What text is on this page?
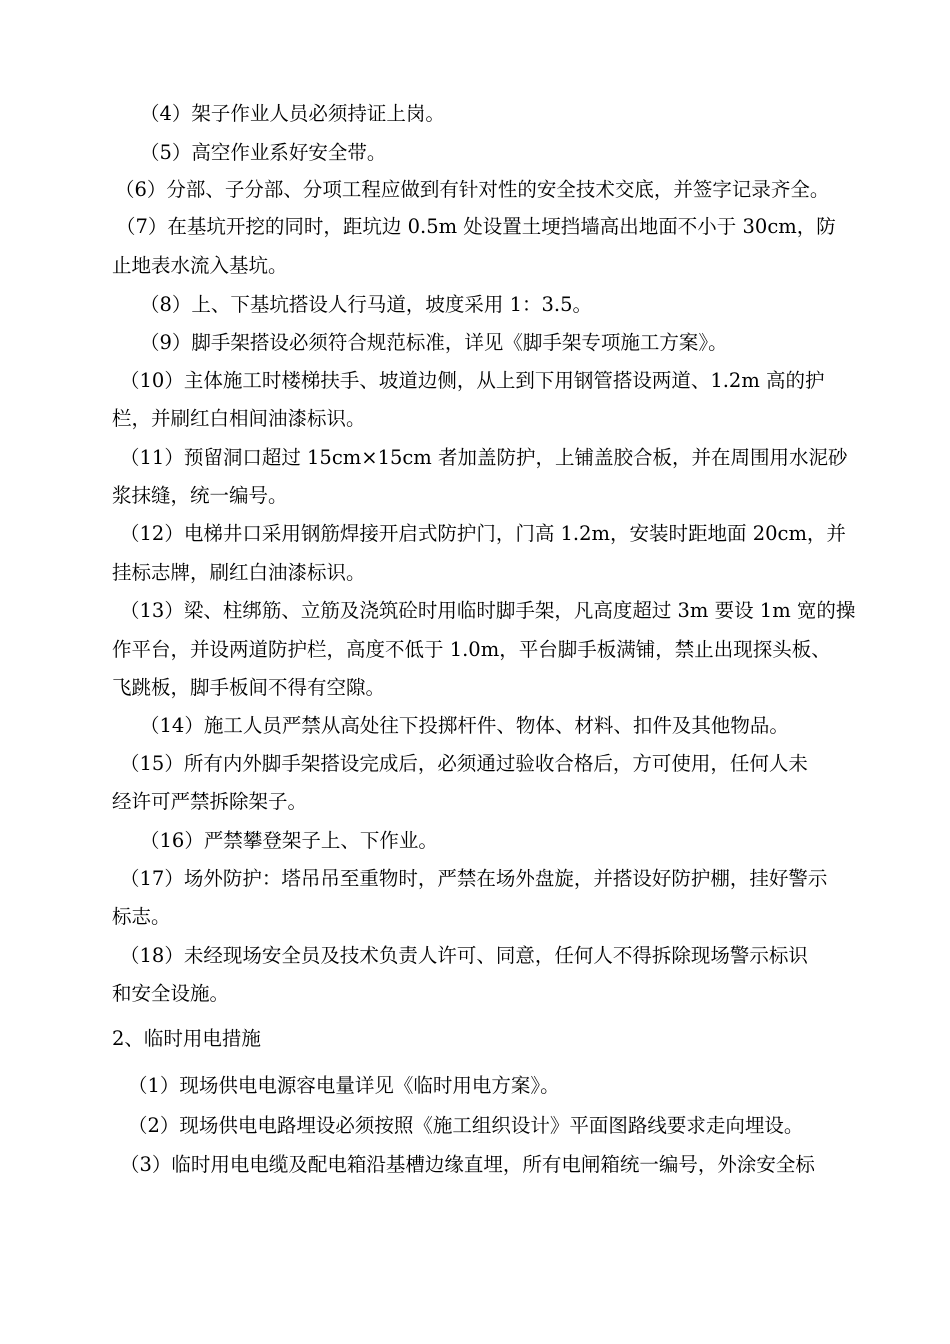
（4）架子作业人员必须持证上岗。
（5）高空作业系好安全带。
（6）分部、子分部、分项工程应做到有针对性的安全技术交底，并签字记录齐全。
（7）在基坑开挖的同时，距坑边 0.5m 处设置土埂挡墙高出地面不小于 30cm，防
止地表水流入基坑。
（8）上、下基坑搭设人行马道，坡度采用 1：3.5。
（9）脚手架搭设必须符合规范标准，详见《脚手架专项施工方案》。
（10）主体施工时楼梯扶手、坡道边侧，从上到下用钢管搭设两道、1.2m 高的护
栏，并刷红白相间油漆标识。
（11）预留洞口超过 15cm×15cm 者加盖防护，上铺盖胶合板，并在周围用水泥砂
浆抹缝，统一编号。
（12）电梯井口采用钢筋焊接开启式防护门，门高 1.2m，安装时距地面 20cm，并
挂标志牌，刷红白油漆标识。
（13）梁、柱绑筋、立筋及浇筑砼时用临时脚手架，凡高度超过 3m 要设 1m 宽的操
作平台，并设两道防护栏，高度不低于 1.0m，平台脚手板满铺，禁止出现探头板、
飞跳板，脚手板间不得有空隙。
（14）施工人员严禁从高处往下投掷杆件、物体、材料、扣件及其他物品。
（15）所有内外脚手架搭设完成后，必须通过验收合格后，方可使用，任何人未
经许可严禁拆除架子。
（16）严禁攀登架子上、下作业。
（17）场外防护：塔吊吊至重物时，严禁在场外盘旋，并搭设好防护棚，挂好警示
标志。
（18）未经现场安全员及技术负责人许可、同意，任何人不得拆除现场警示标识
和安全设施。
2、临时用电措施
（1）现场供电电源容电量详见《临时用电方案》。
（2）现场供电电路埋设必须按照《施工组织设计》平面图路线要求走向埋设。
（3）临时用电电缆及配电箱沿基槽边缘直埋，所有电闸箱统一编号，外涂安全标
